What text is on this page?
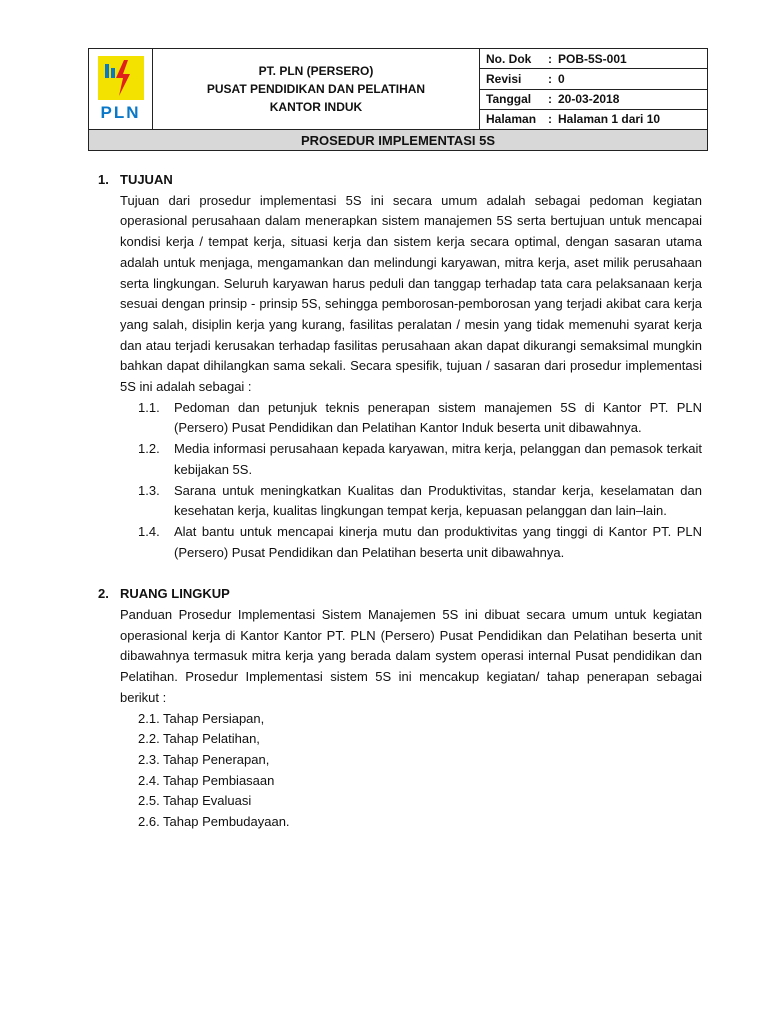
PLN

PT. PLN (PERSERO)
PUSAT PENDIDIKAN DAN PELATIHAN
KANTOR INDUK
	No. Dok : POB-5S-001
Revisi : 0
Tanggal : 20-03-2018
Halaman : Halaman 1 dari 10
PROSEDUR IMPLEMENTASI 5S
1. TUJUAN
Tujuan dari prosedur implementasi 5S ini secara umum adalah sebagai pedoman kegiatan operasional perusahaan dalam menerapkan sistem manajemen 5S serta bertujuan untuk mencapai kondisi kerja / tempat kerja, situasi kerja dan sistem kerja secara optimal, dengan sasaran utama adalah untuk menjaga, mengamankan dan melindungi karyawan, mitra kerja, aset milik perusahaan serta lingkungan. Seluruh karyawan harus peduli dan tanggap terhadap tata cara pelaksanaan kerja sesuai dengan prinsip - prinsip 5S, sehingga pemborosan-pemborosan yang terjadi akibat cara kerja yang salah, disiplin kerja yang kurang, fasilitas peralatan / mesin yang tidak memenuhi syarat kerja dan atau terjadi kerusakan terhadap fasilitas perusahaan akan dapat dikurangi semaksimal mungkin bahkan dapat dihilangkan sama sekali. Secara spesifik, tujuan / sasaran dari prosedur implementasi 5S ini adalah sebagai :
1.1. Pedoman dan petunjuk teknis penerapan sistem manajemen 5S di Kantor PT. PLN (Persero) Pusat Pendidikan dan Pelatihan Kantor Induk beserta unit dibawahnya.
1.2. Media informasi perusahaan kepada karyawan, mitra kerja, pelanggan dan pemasok terkait kebijakan 5S.
1.3. Sarana untuk meningkatkan Kualitas dan Produktivitas, standar kerja, keselamatan dan kesehatan kerja, kualitas lingkungan tempat kerja, kepuasan pelanggan dan lain–lain.
1.4. Alat bantu untuk mencapai kinerja mutu dan produktivitas yang tinggi di Kantor PT. PLN (Persero) Pusat Pendidikan dan Pelatihan beserta unit dibawahnya.
2. RUANG LINGKUP
Panduan Prosedur Implementasi Sistem Manajemen 5S ini dibuat secara umum untuk kegiatan operasional kerja di Kantor Kantor PT. PLN (Persero) Pusat Pendidikan dan Pelatihan beserta unit dibawahnya termasuk mitra kerja yang berada dalam system operasi internal Pusat pendidikan dan Pelatihan. Prosedur Implementasi sistem 5S ini mencakup kegiatan/ tahap penerapan sebagai berikut :
2.1. Tahap Persiapan,
2.2. Tahap Pelatihan,
2.3. Tahap Penerapan,
2.4. Tahap Pembiasaan
2.5. Tahap Evaluasi
2.6. Tahap Pembudayaan.
